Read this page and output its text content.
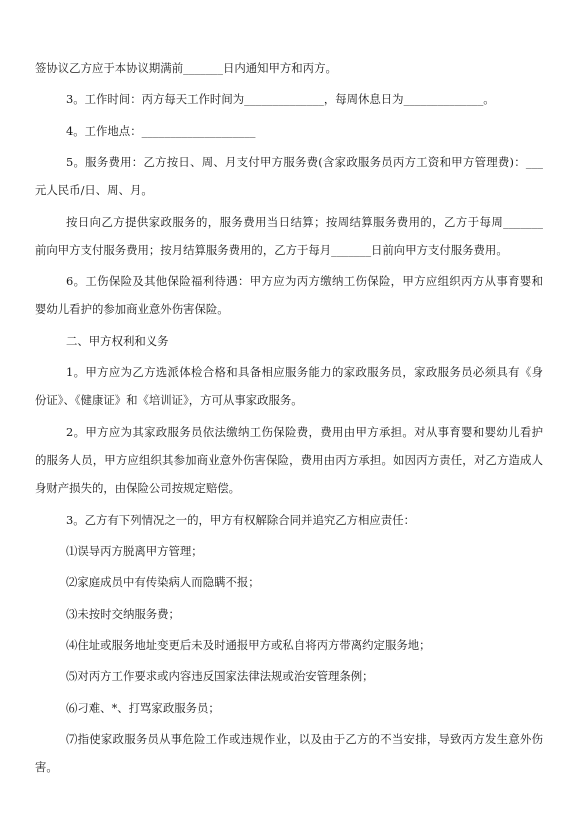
签协议乙方应于本协议期满前_______日内通知甲方和丙方。
3。工作时间：丙方每天工作时间为______________，每周休息日为______________。
4。工作地点：____________________
5。服务费用：乙方按日、周、月支付甲方服务费(含家政服务员丙方工资和甲方管理费)：___
元人民币/日、周、月。
按日向乙方提供家政服务的，服务费用当日结算；按周结算服务费用的，乙方于每周_______
前向甲方支付服务费用；按月结算服务费用的，乙方于每月_______日前向甲方支付服务费用。
6。工伤保险及其他保险福利待遇：甲方应为丙方缴纳工伤保险，甲方应组织丙方从事育婴和
婴幼儿看护的参加商业意外伤害保险。
二、甲方权利和义务
1。甲方应为乙方选派体检合格和具备相应服务能力的家政服务员，家政服务员必须具有《身
份证》、《健康证》和《培训证》，方可从事家政服务。
2。甲方应为其家政服务员依法缴纳工伤保险费，费用由甲方承担。对从事育婴和婴幼儿看护
的服务人员，甲方应组织其参加商业意外伤害保险，费用由丙方承担。如因丙方责任，对乙方造成人
身财产损失的，由保险公司按规定赔偿。
3。乙方有下列情况之一的，甲方有权解除合同并追究乙方相应责任：
⑴误导丙方脱离甲方管理；
⑵家庭成员中有传染病人而隐瞒不报；
⑶未按时交纳服务费；
⑷住址或服务地址变更后未及时通报甲方或私自将丙方带离约定服务地；
⑸对丙方工作要求或内容违反国家法律法规或治安管理条例；
⑹刁难、*、打骂家政服务员；
⑺指使家政服务员从事危险工作或违规作业，以及由于乙方的不当安排，导致丙方发生意外伤
害。
